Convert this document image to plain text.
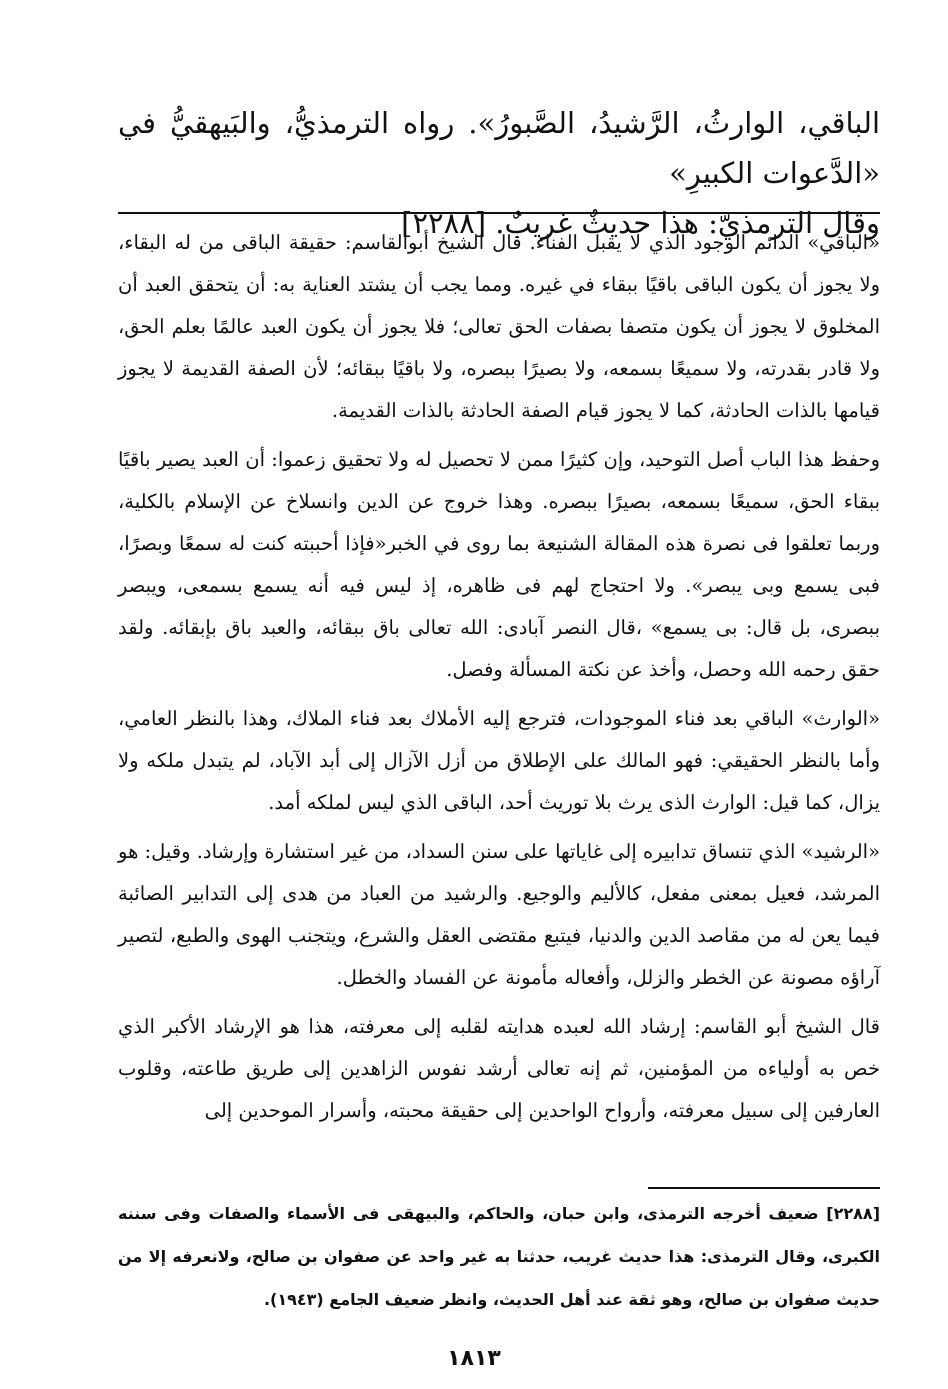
الباقي، الوارثُ، الرَّشيدُ، الصَّبورُ». رواه الترمذيُّ، والبَيهقيُّ في «الدَّعوات الكبيرِ»

وقال الترمذيّ: هذا حديثٌ غريبٌ. [٢٢٨٨]

«الباقي» الدائم الوجود الذي لا يقبل الفناء. قال الشيخ أبوالقاسم: حقيقة الباقى من له البقاء، ولا يجوز أن يكون الباقى باقيًا ببقاء في غيره. ومما يجب أن يشتد العناية به: أن يتحقق العبد أن المخلوق لا يجوز أن يكون متصفا بصفات الحق تعالى؛ فلا يجوز أن يكون العبد عالمًا بعلم الحق، ولا قادر بقدرته، ولا سميعًا بسمعه، ولا بصيرًا ببصره، ولا باقيًا ببقائه؛ لأن الصفة القديمة لا يجوز قيامها بالذات الحادثة، كما لا يجوز قيام الصفة الحادثة بالذات القديمة.

وحفظ هذا الباب أصل التوحيد، وإن كثيرًا ممن لا تحصيل له ولا تحقيق زعموا: أن العبد يصير باقيًا ببقاء الحق، سميعًا بسمعه، بصيرًا ببصره. وهذا خروج عن الدين وانسلاخ عن الإسلام بالكلية، وربما تعلقوا فى نصرة هذه المقالة الشنيعة بما روى في الخبر«فإذا أحببته كنت له سمعًا وبصرًا، فبى يسمع وبى يبصر». ولا احتجاج لهم فى ظاهره، إذ ليس فيه أنه يسمع بسمعى، ويبصر ببصرى، بل قال: بى يسمع» ،قال النصر آبادى: الله تعالى باق ببقائه، والعبد باق بإبقائه. ولقد حقق رحمه الله وحصل، وأخذ عن نكتة المسألة وفصل.

«الوارث» الباقي بعد فناء الموجودات، فترجع إليه الأملاك بعد فناء الملاك، وهذا بالنظر العامي، وأما بالنظر الحقيقي: فهو المالك على الإطلاق من أزل الآزال إلى أبد الآباد، لم يتبدل ملكه ولا يزال، كما قيل: الوارث الذى يرث بلا توريث أحد، الباقى الذي ليس لملكه أمد.

«الرشيد» الذي تنساق تدابيره إلى غاياتها على سنن السداد، من غير استشارة وإرشاد. وقيل: هو المرشد، فعيل بمعنى مفعل، كالأليم والوجيع. والرشيد من العباد من هدى إلى التدابير الصائبة فيما يعن له من مقاصد الدين والدنيا، فيتبع مقتضى العقل والشرع، ويتجنب الهوى والطبع، لتصير آراؤه مصونة عن الخطر والزلل، وأفعاله مأمونة عن الفساد والخطل.

قال الشيخ أبو القاسم: إرشاد الله لعبده هدايته لقلبه إلى معرفته، هذا هو الإرشاد الأكبر الذي خص به أولياءه من المؤمنين، ثم إنه تعالى أرشد نفوس الزاهدين إلى طريق طاعته، وقلوب العارفين إلى سبيل معرفته، وأرواح الواحدين إلى حقيقة محبته، وأسرار الموحدين إلى

[٢٢٨٨] ضعيف أخرجه الترمذى، وابن حبان، والحاكم، والبيهقى فى الأسماء والصفات وفى سننه الكبرى، وقال الترمذى: هذا حديث غريب، حدثنا به غير واحد عن صفوان بن صالح، ولانعرفه إلا من حديث صفوان بن صالح، وهو ثقة عند أهل الحديث، وانظر ضعيف الجامع (١٩٤٣).

١٨١٣
